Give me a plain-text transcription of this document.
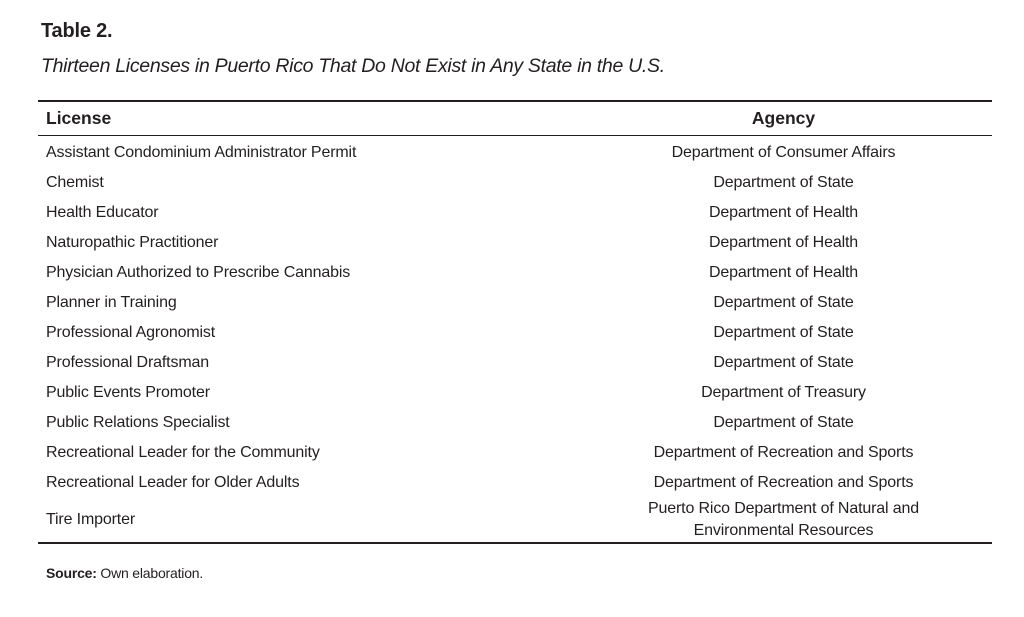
Table 2.
Thirteen Licenses in Puerto Rico That Do Not Exist in Any State in the U.S.
License	Agency
Assistant Condominium Administrator Permit	Department of Consumer Affairs
Chemist	Department of State
Health Educator	Department of Health
Naturopathic Practitioner	Department of Health
Physician Authorized to Prescribe Cannabis	Department of Health
Planner in Training	Department of State
Professional Agronomist	Department of State
Professional Draftsman	Department of State
Public Events Promoter	Department of Treasury
Public Relations Specialist	Department of State
Recreational Leader for the Community	Department of Recreation and Sports
Recreational Leader for Older Adults	Department of Recreation and Sports
Tire Importer	Puerto Rico Department of Natural and
Environmental Resources
Source: Own elaboration.
